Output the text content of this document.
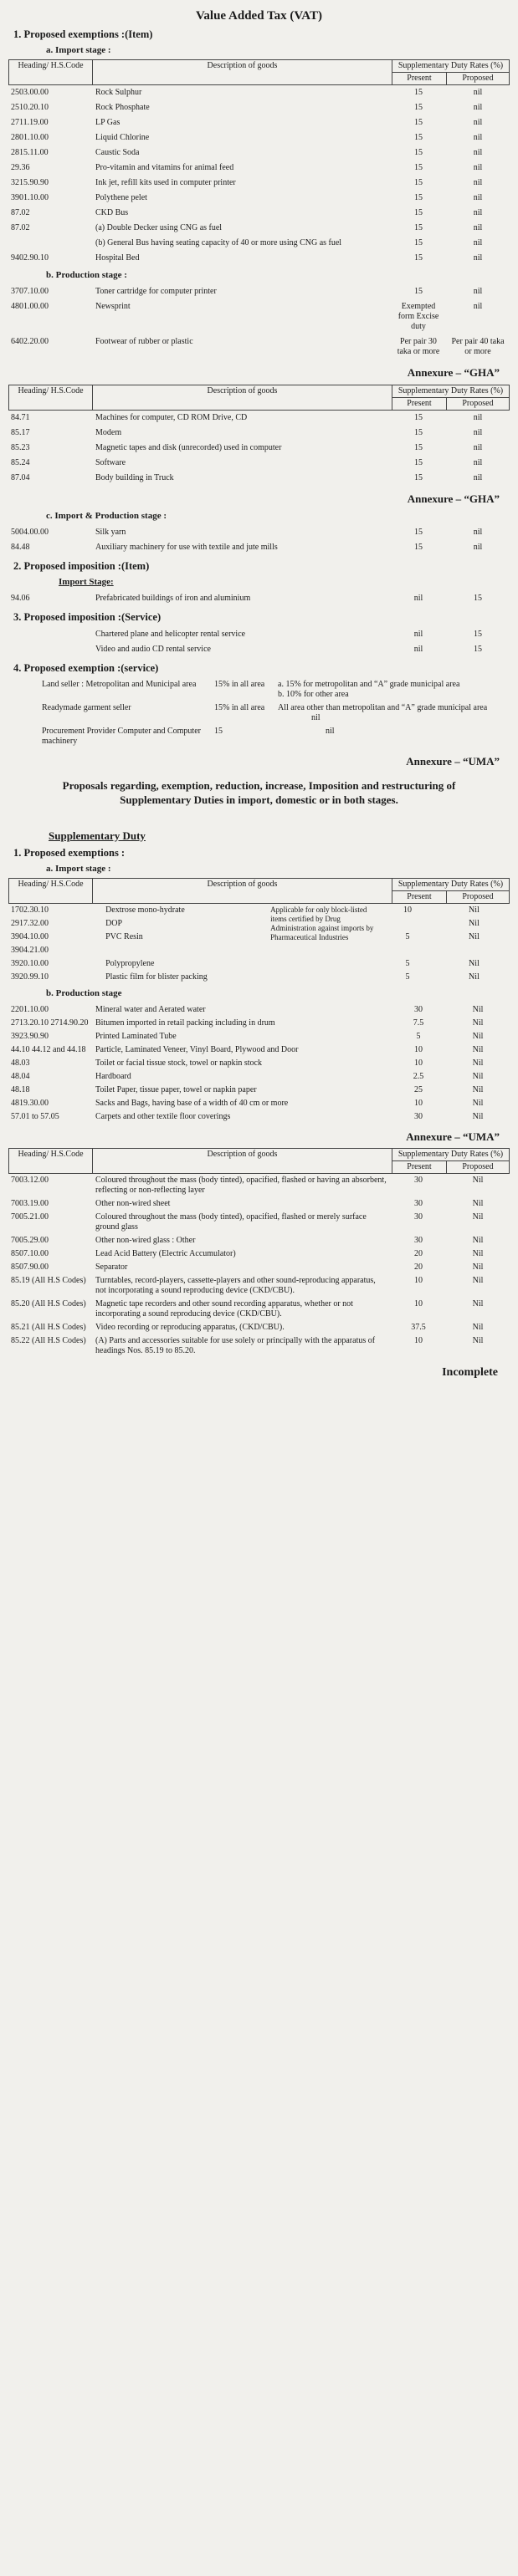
Value Added Tax (VAT)
1. Proposed exemptions :(Item)
a. Import stage :
Heading/ H.S.Code	Description of goods	Supplementary Duty Rates (%)	
		Present	Proposed
2503.00.00	Rock Sulphur	15	nil
2510.20.10	Rock Phosphate	15	nil
2711.19.00	LP Gas	15	nil
2801.10.00	Liquid Chlorine	15	nil
2815.11.00	Caustic Soda	15	nil
29.36	Pro-vitamin and vitamins for animal feed	15	nil
3215.90.90	Ink jet, refill kits used in computer printer	15	nil
3901.10.00	Polythene pelet	15	nil
87.02	CKD Bus	15	nil
87.02	(a) Double Decker using CNG as fuel	15	nil
	(b) General Bus having seating capacity of 40 or more using CNG as fuel	15	nil
9402.90.10	Hospital Bed	15	nil
b. Production stage :
3707.10.00	Toner cartridge for computer printer	15	nil
4801.00.00	Newsprint	Exempted form Excise duty	nil
6402.20.00	Footwear of rubber or plastic	Per pair 30 taka or more	Per pair 40 taka or more
Annexure – “GHA”
Heading/ H.S.Code	Description of goods	Supplementary Duty Rates (%)	
		Present	Proposed
84.71	Machines for computer, CD ROM Drive, CD	15	nil
85.17	Modem	15	nil
85.23	Magnetic tapes and disk (unrecorded) used in computer	15	nil
85.24	Software	15	nil
87.04	Body building in Truck	15	nil
Annexure – “GHA”
c. Import & Production stage :
5004.00.00	Silk yarn	15	nil
84.48	Auxiliary machinery for use with textile and jute mills	15	nil
2. Proposed imposition :(Item)
Import Stage:
94.06	Prefabricated buildings of iron and aluminium	nil	15
3. Proposed imposition :(Service)
	Chartered plane and helicopter rental service	nil	15
	Video and audio CD rental service	nil	15
4. Proposed exemption :(service)
Land seller : Metropolitan and Municipal area	15% in all area	a. 15% for metropolitan and “A” grade municipal area
b. 10% for other area

Readymade garment seller	15% in all area	All area other than metropolitan and “A” grade municipal area
nil

Procurement Provider Computer and Computer machinery	15	nil
Annexure – “UMA”
Proposals regarding, exemption, reduction, increase, Imposition and restructuring of Supplementary Duties in import, domestic or in both stages.
Supplementary Duty
1. Proposed exemptions :
a. Import stage :
Heading/ H.S.Code	Description of goods	Supplementary Duty Rates (%)	
		Present	Proposed
1702.30.10	Dextrose mono-hydrate	Applicable for only block-listed items certified by Drug Administration against imports by Pharmaceutical Industries	10	Nil
2917.32.00	DOP			Nil
3904.10.00	PVC Resin		5	Nil
3904.21.00				
3920.10.00	Polypropylene		5	Nil
3920.99.10	Plastic film for blister packing		5	Nil
b. Production stage
2201.10.00	Mineral water and Aerated water	30	Nil
2713.20.10 2714.90.20	Bitumen imported in retail packing including in drum	7.5	Nil
3923.90.90	Printed Laminated Tube	5	Nil
44.10 44.12 and 44.18	Particle, Laminated Veneer, Vinyl Board, Plywood and Door	10	Nil
48.03	Toilet or facial tissue stock, towel or napkin stock	10	Nil
48.04	Hardboard	2.5	Nil
48.18	Toilet Paper, tissue paper, towel or napkin paper	25	Nil
4819.30.00	Sacks and Bags, having base of a width of 40 cm or more	10	Nil
57.01 to 57.05	Carpets and other textile floor coverings	30	Nil
Annexure – “UMA”
Heading/ H.S.Code	Description of goods	Supplementary Duty Rates (%)	
		Present	Proposed
7003.12.00	Coloured throughout the mass (body tinted), opacified, flashed or having an absorbent, reflecting or non-reflecting layer	30	Nil
7003.19.00	Other non-wired sheet	30	Nil
7005.21.00	Coloured throughout the mass (body tinted), opacified, flashed or merely surface ground glass	30	Nil
7005.29.00	Other non-wired glass : Other	30	Nil
8507.10.00	Lead Acid Battery (Electric Accumulator)	20	Nil
8507.90.00	Separator	20	Nil
85.19 (All H.S Codes)	Turntables, record-players, cassette-players and other sound-reproducing apparatus, not incorporating a sound reproducing device (CKD/CBU).	10	Nil
85.20 (All H.S Codes)	Magnetic tape recorders and other sound recording apparatus, whether or not incorporating a sound reproducing device (CKD/CBU).	10	Nil
85.21 (All H.S Codes)	Video recording or reproducing apparatus, (CKD/CBU).	37.5	Nil
85.22 (All H.S Codes)	(A) Parts and accessories suitable for use solely or principally with the apparatus of headings Nos. 85.19 to 85.20.	10	Nil
Incomplete
